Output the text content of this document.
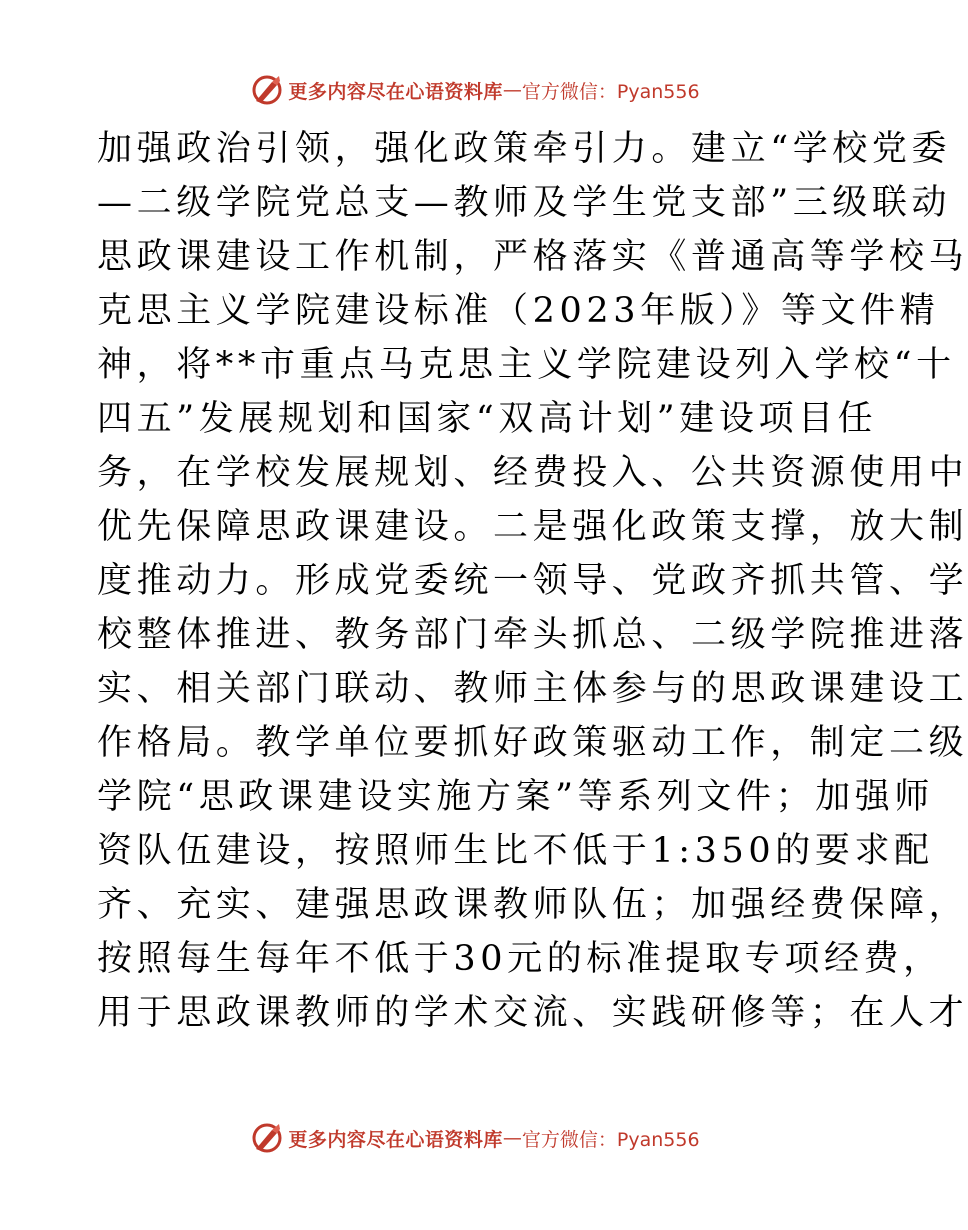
更多内容尽在心语资料库 — 官方微信：Pyan556
加强政治引领，强化政策牵引力。建立“学校党委
—二级学院党总支—教师及学生党支部”三级联动
思政课建设工作机制，严格落实《普通高等学校马
克思主义学院建设标准（2023年版）》等文件精
神，将**市重点马克思主义学院建设列入学校“十
四五”发展规划和国家“双高计划”建设项目任
务，在学校发展规划、经费投入、公共资源使用中
优先保障思政课建设。二是强化政策支撑，放大制
度推动力。形成党委统一领导、党政齐抓共管、学
校整体推进、教务部门牵头抓总、二级学院推进落
实、相关部门联动、教师主体参与的思政课建设工
作格局。教学单位要抓好政策驱动工作，制定二级
学院“思政课建设实施方案”等系列文件；加强师
资队伍建设，按照师生比不低于1:350的要求配
齐、充实、建强思政课教师队伍；加强经费保障，
按照每生每年不低于30元的标准提取专项经费，
用于思政课教师的学术交流、实践研修等；在人才
更多内容尽在心语资料库 — 官方微信：Pyan556
